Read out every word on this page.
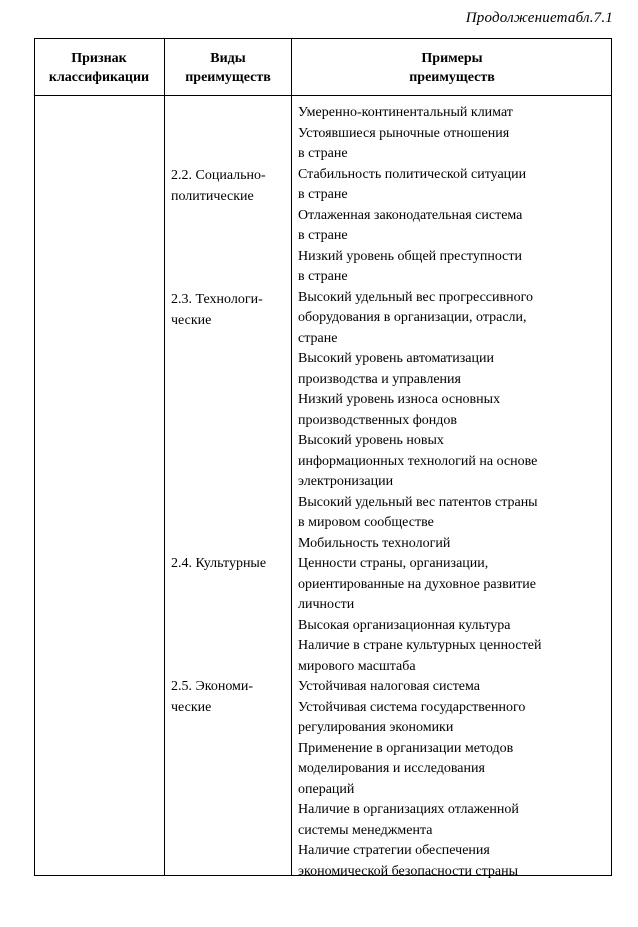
Продолжениетабл.7.1
Признак
классификации
Виды
преимуществ
Примеры
преимуществ
2.2. Социально-
политические
2.3. Технологи-
ческие
2.4. Культурные
2.5. Экономи-
ческие
Умеренно-континентальный климат
Устоявшиеся рыночные отношения
в стране
Стабильность политической ситуации
в стране
Отлаженная законодательная система
в стране
Низкий уровень общей преступности
в стране
Высокий удельный вес прогрессивного
оборудования в организации, отрасли,
стране
Высокий уровень автоматизации
производства и управления
Низкий уровень износа основных
производственных фондов
Высокий уровень новых
информационных технологий на основе
электронизации
Высокий удельный вес патентов страны
в мировом сообществе
Мобильность технологий
Ценности страны, организации,
ориентированные на духовное развитие
личности
Высокая организационная культура
Наличие в стране культурных ценностей
мирового масштаба
Устойчивая налоговая система
Устойчивая система государственного
регулирования экономики
Применение в организации методов
моделирования и исследования
операций
Наличие в организациях отлаженной
системы менеджмента
Наличие стратегии обеспечения
экономической безопасности страны
